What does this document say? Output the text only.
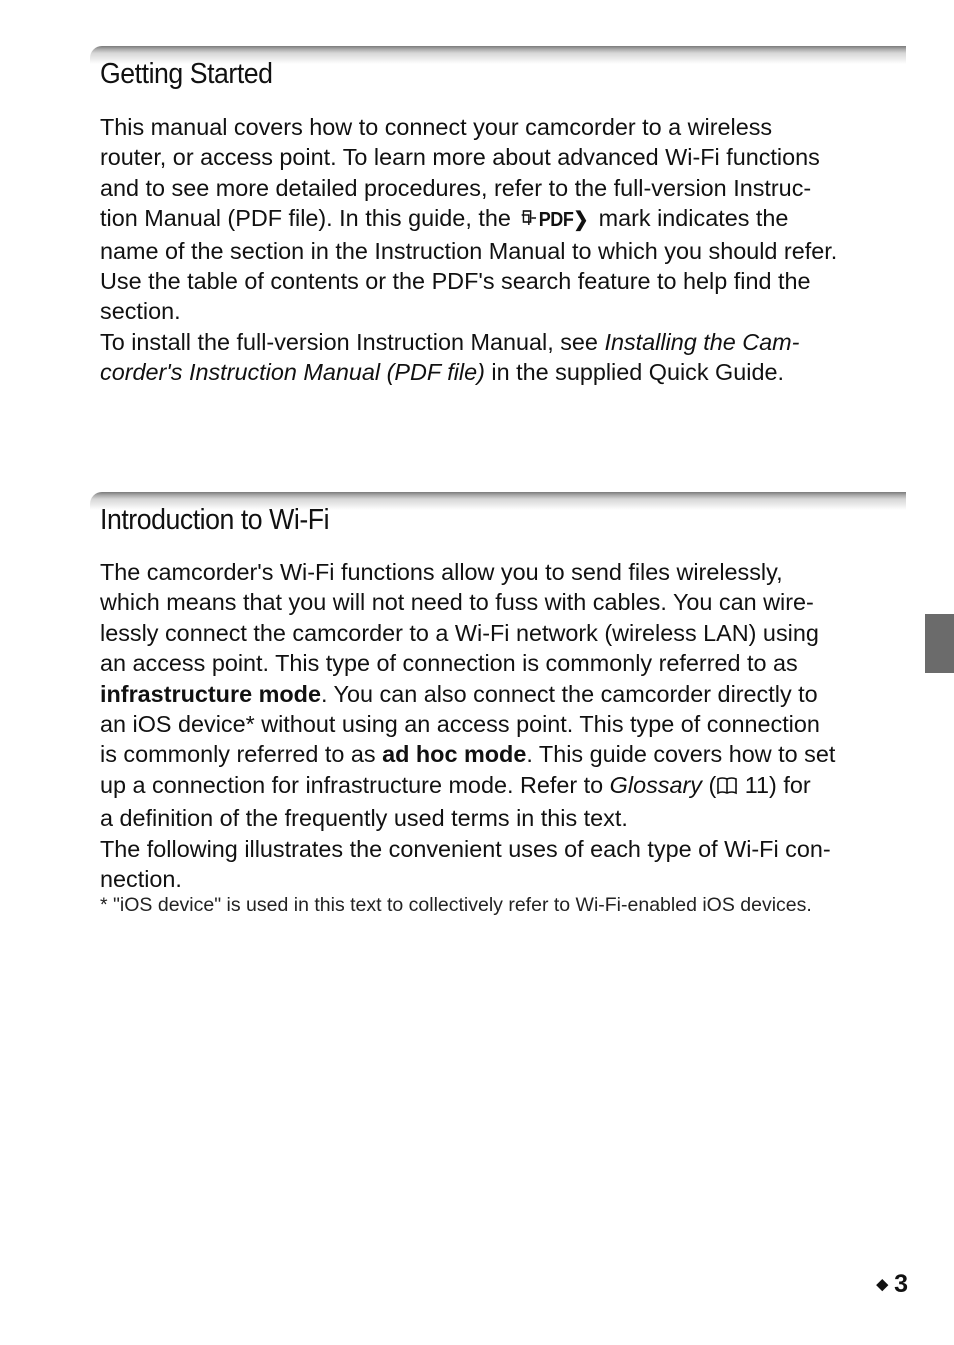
Getting Started
This manual covers how to connect your camcorder to a wireless
router, or access point. To learn more about advanced Wi-Fi functions
and to see more detailed procedures, refer to the full-version Instruc-
tion Manual (PDF file). In this guide, the PDF❯ mark indicates the
name of the section in the Instruction Manual to which you should refer.
Use the table of contents or the PDF's search feature to help find the
section.
To install the full-version Instruction Manual, see Installing the Cam-
corder's Instruction Manual (PDF file) in the supplied Quick Guide.
Introduction to Wi-Fi
The camcorder's Wi-Fi functions allow you to send files wirelessly,
which means that you will not need to fuss with cables. You can wire-
lessly connect the camcorder to a Wi-Fi network (wireless LAN) using
an access point. This type of connection is commonly referred to as
infrastructure mode. You can also connect the camcorder directly to
an iOS device* without using an access point. This type of connection
is commonly referred to as ad hoc mode. This guide covers how to set
up a connection for infrastructure mode. Refer to Glossary ( 11) for
a definition of the frequently used terms in this text.
The following illustrates the convenient uses of each type of Wi-Fi con-
nection.
* "iOS device" is used in this text to collectively refer to Wi-Fi-enabled iOS devices.
◆ 3
